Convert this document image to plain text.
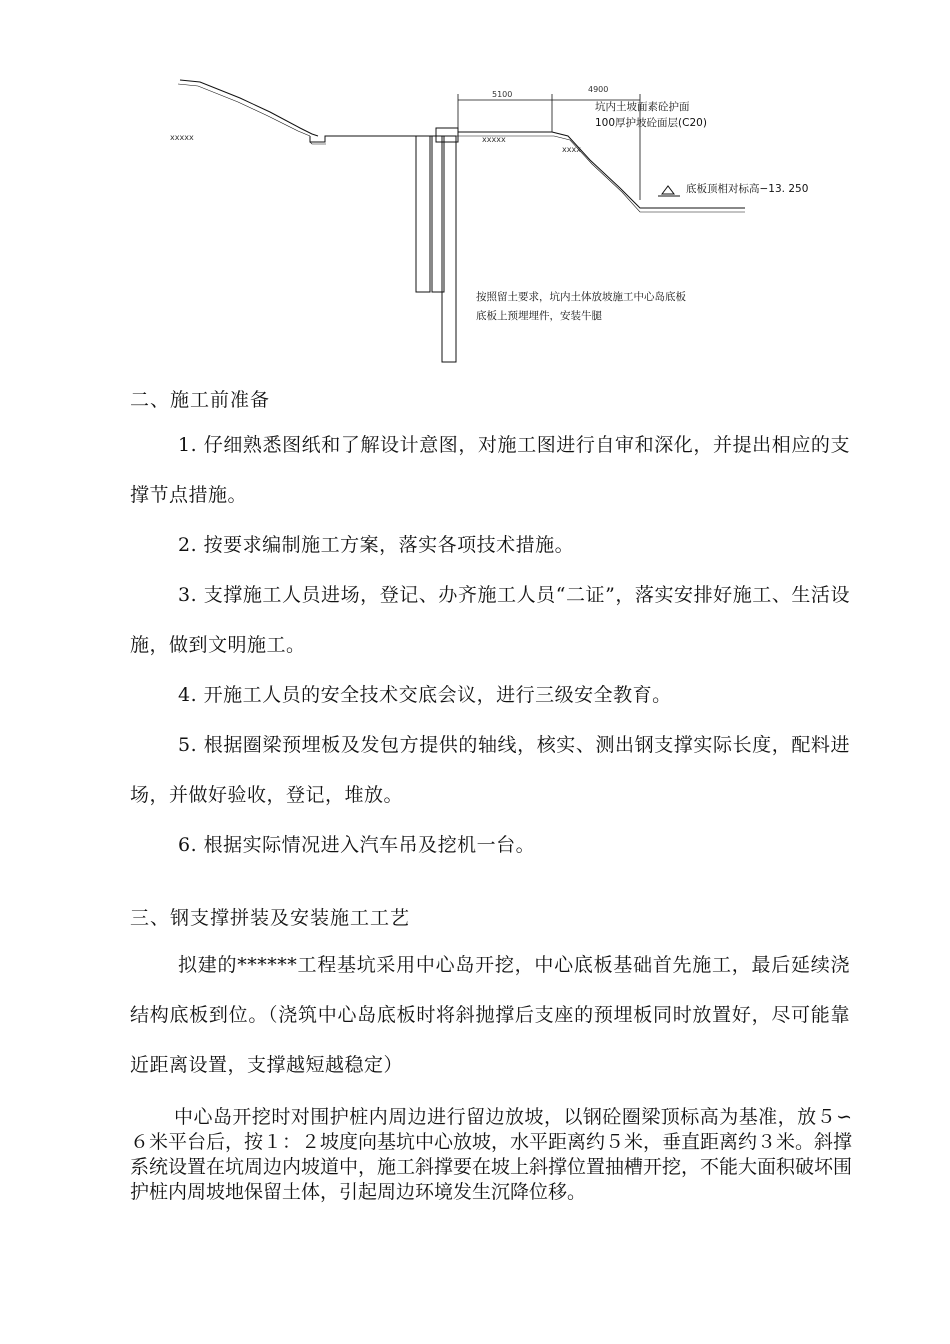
xxxxx	xxxxx
5100
4900
xxxx
坑内土坡面素砼护面
100厚护坡砼面层(C20)
底板顶相对标高−13. 250
按照留土要求，坑内土体放坡施工中心岛底板
底板上预埋埋件，安装牛腿
二、施工前准备
1. 仔细熟悉图纸和了解设计意图，对施工图进行自审和深化，并提出相应的支撑节点措施。
2. 按要求编制施工方案，落实各项技术措施。
3. 支撑施工人员进场，登记、办齐施工人员“二证”，落实安排好施工、生活设施，做到文明施工。
4. 开施工人员的安全技术交底会议，进行三级安全教育。
5. 根据圈梁预埋板及发包方提供的轴线，核实、测出钢支撑实际长度，配料进场，并做好验收，登记，堆放。
6. 根据实际情况进入汽车吊及挖机一台。
三、钢支撑拼装及安装施工工艺
拟建的******工程基坑采用中心岛开挖，中心底板基础首先施工，最后延续浇结构底板到位。（浇筑中心岛底板时将斜抛撑后支座的预埋板同时放置好，尽可能靠近距离设置，支撑越短越稳定）
中心岛开挖时对围护桩内周边进行留边放坡，以钢砼圈梁顶标高为基准，放５∽６米平台后，按１：２坡度向基坑中心放坡，水平距离约５米，垂直距离约３米。斜撑系统设置在坑周边内坡道中，施工斜撑要在坡上斜撑位置抽槽开挖，不能大面积破坏围护桩内周坡地保留土体，引起周边环境发生沉降位移。
